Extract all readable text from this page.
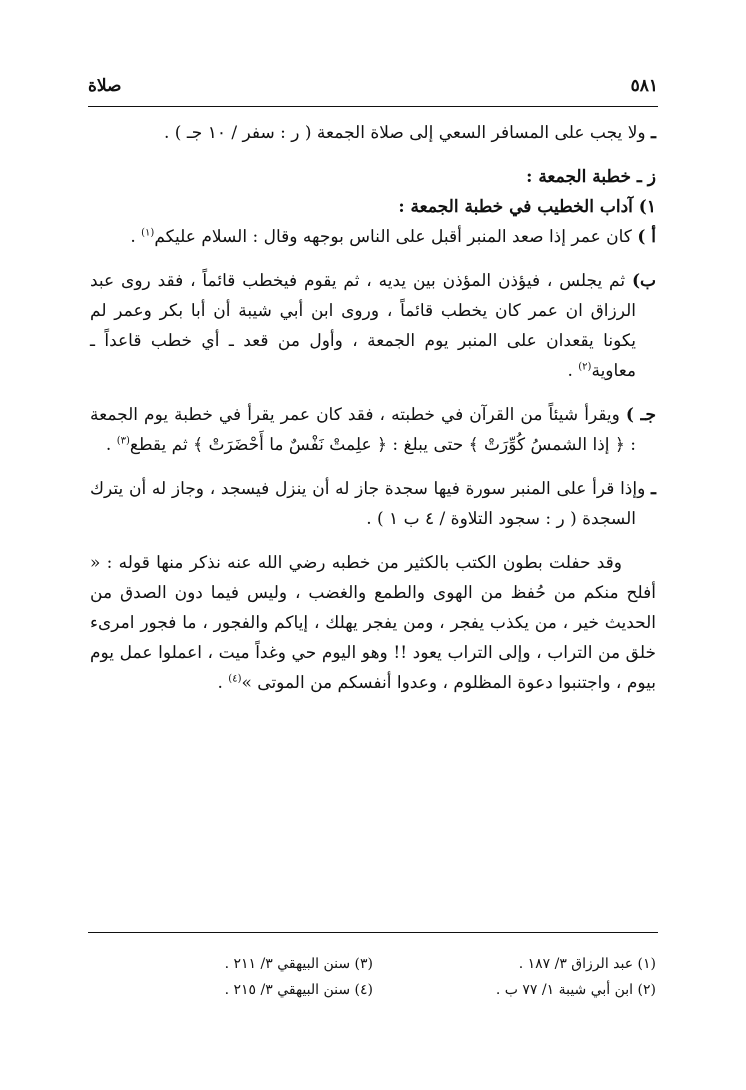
٥٨١
صلاة

ـ ولا يجب على المسافر السعي إلى صلاة الجمعة ( ر : سفر / ١٠ جـ ) .

ز ـ خطبة الجمعة :

١) آداب الخطيب في خطبة الجمعة :

أ ) كان عمر إذا صعد المنبر أقبل على الناس بوجهه وقال : السلام عليكم$^{(١)}$ .

ب) ثم يجلس ، فيؤذن المؤذن بين يديه ، ثم يقوم فيخطب قائماً ، فقد روى عبد الرزاق ان عمر كان يخطب قائماً ، وروى ابن أبي شيبة أن أبا بكر وعمر لم يكونا يقعدان على المنبر يوم الجمعة ، وأول من قعد ـ أي خطب قاعداً ـ معاوية$^{(٢)}$ .

جـ ) ويقرأ شيئاً من القرآن في خطبته ، فقد كان عمر يقرأ في خطبة يوم الجمعة : ﴿ إذا الشمسُ كُوِّرَتْ ﴾ حتى يبلغ : ﴿ علِمتْ نَفْسٌ ما أَحْضَرَتْ ﴾ ثم يقطع$^{(٣)}$ .

ـ وإذا قرأ على المنبر سورة فيها سجدة جاز له أن ينزل فيسجد ، وجاز له أن يترك السجدة ( ر : سجود التلاوة / ٤ ب ١ ) .

وقد حفلت بطون الكتب بالكثير من خطبه رضي الله عنه نذكر منها قوله : « أفلح منكم من حُفظ من الهوى والطمع والغضب ، وليس فيما دون الصدق من الحديث خير ، من يكذب يفجر ، ومن يفجر يهلك ، إياكم والفجور ، ما فجور امرىء خلق من التراب ، وإلى التراب يعود !! وهو اليوم حي وغداً ميت ، اعملوا عمل يوم بيوم ، واجتنبوا دعوة المظلوم ، وعدوا أنفسكم من الموتى »$^{(٤)}$ .

(١) عبد الرزاق ٣/ ١٨٧ .
(٣) سنن البيهقي ٣/ ٢١١ .
(٢) ابن أبي شيبة ١/ ٧٧ ب .
(٤) سنن البيهقي ٣/ ٢١٥ .
